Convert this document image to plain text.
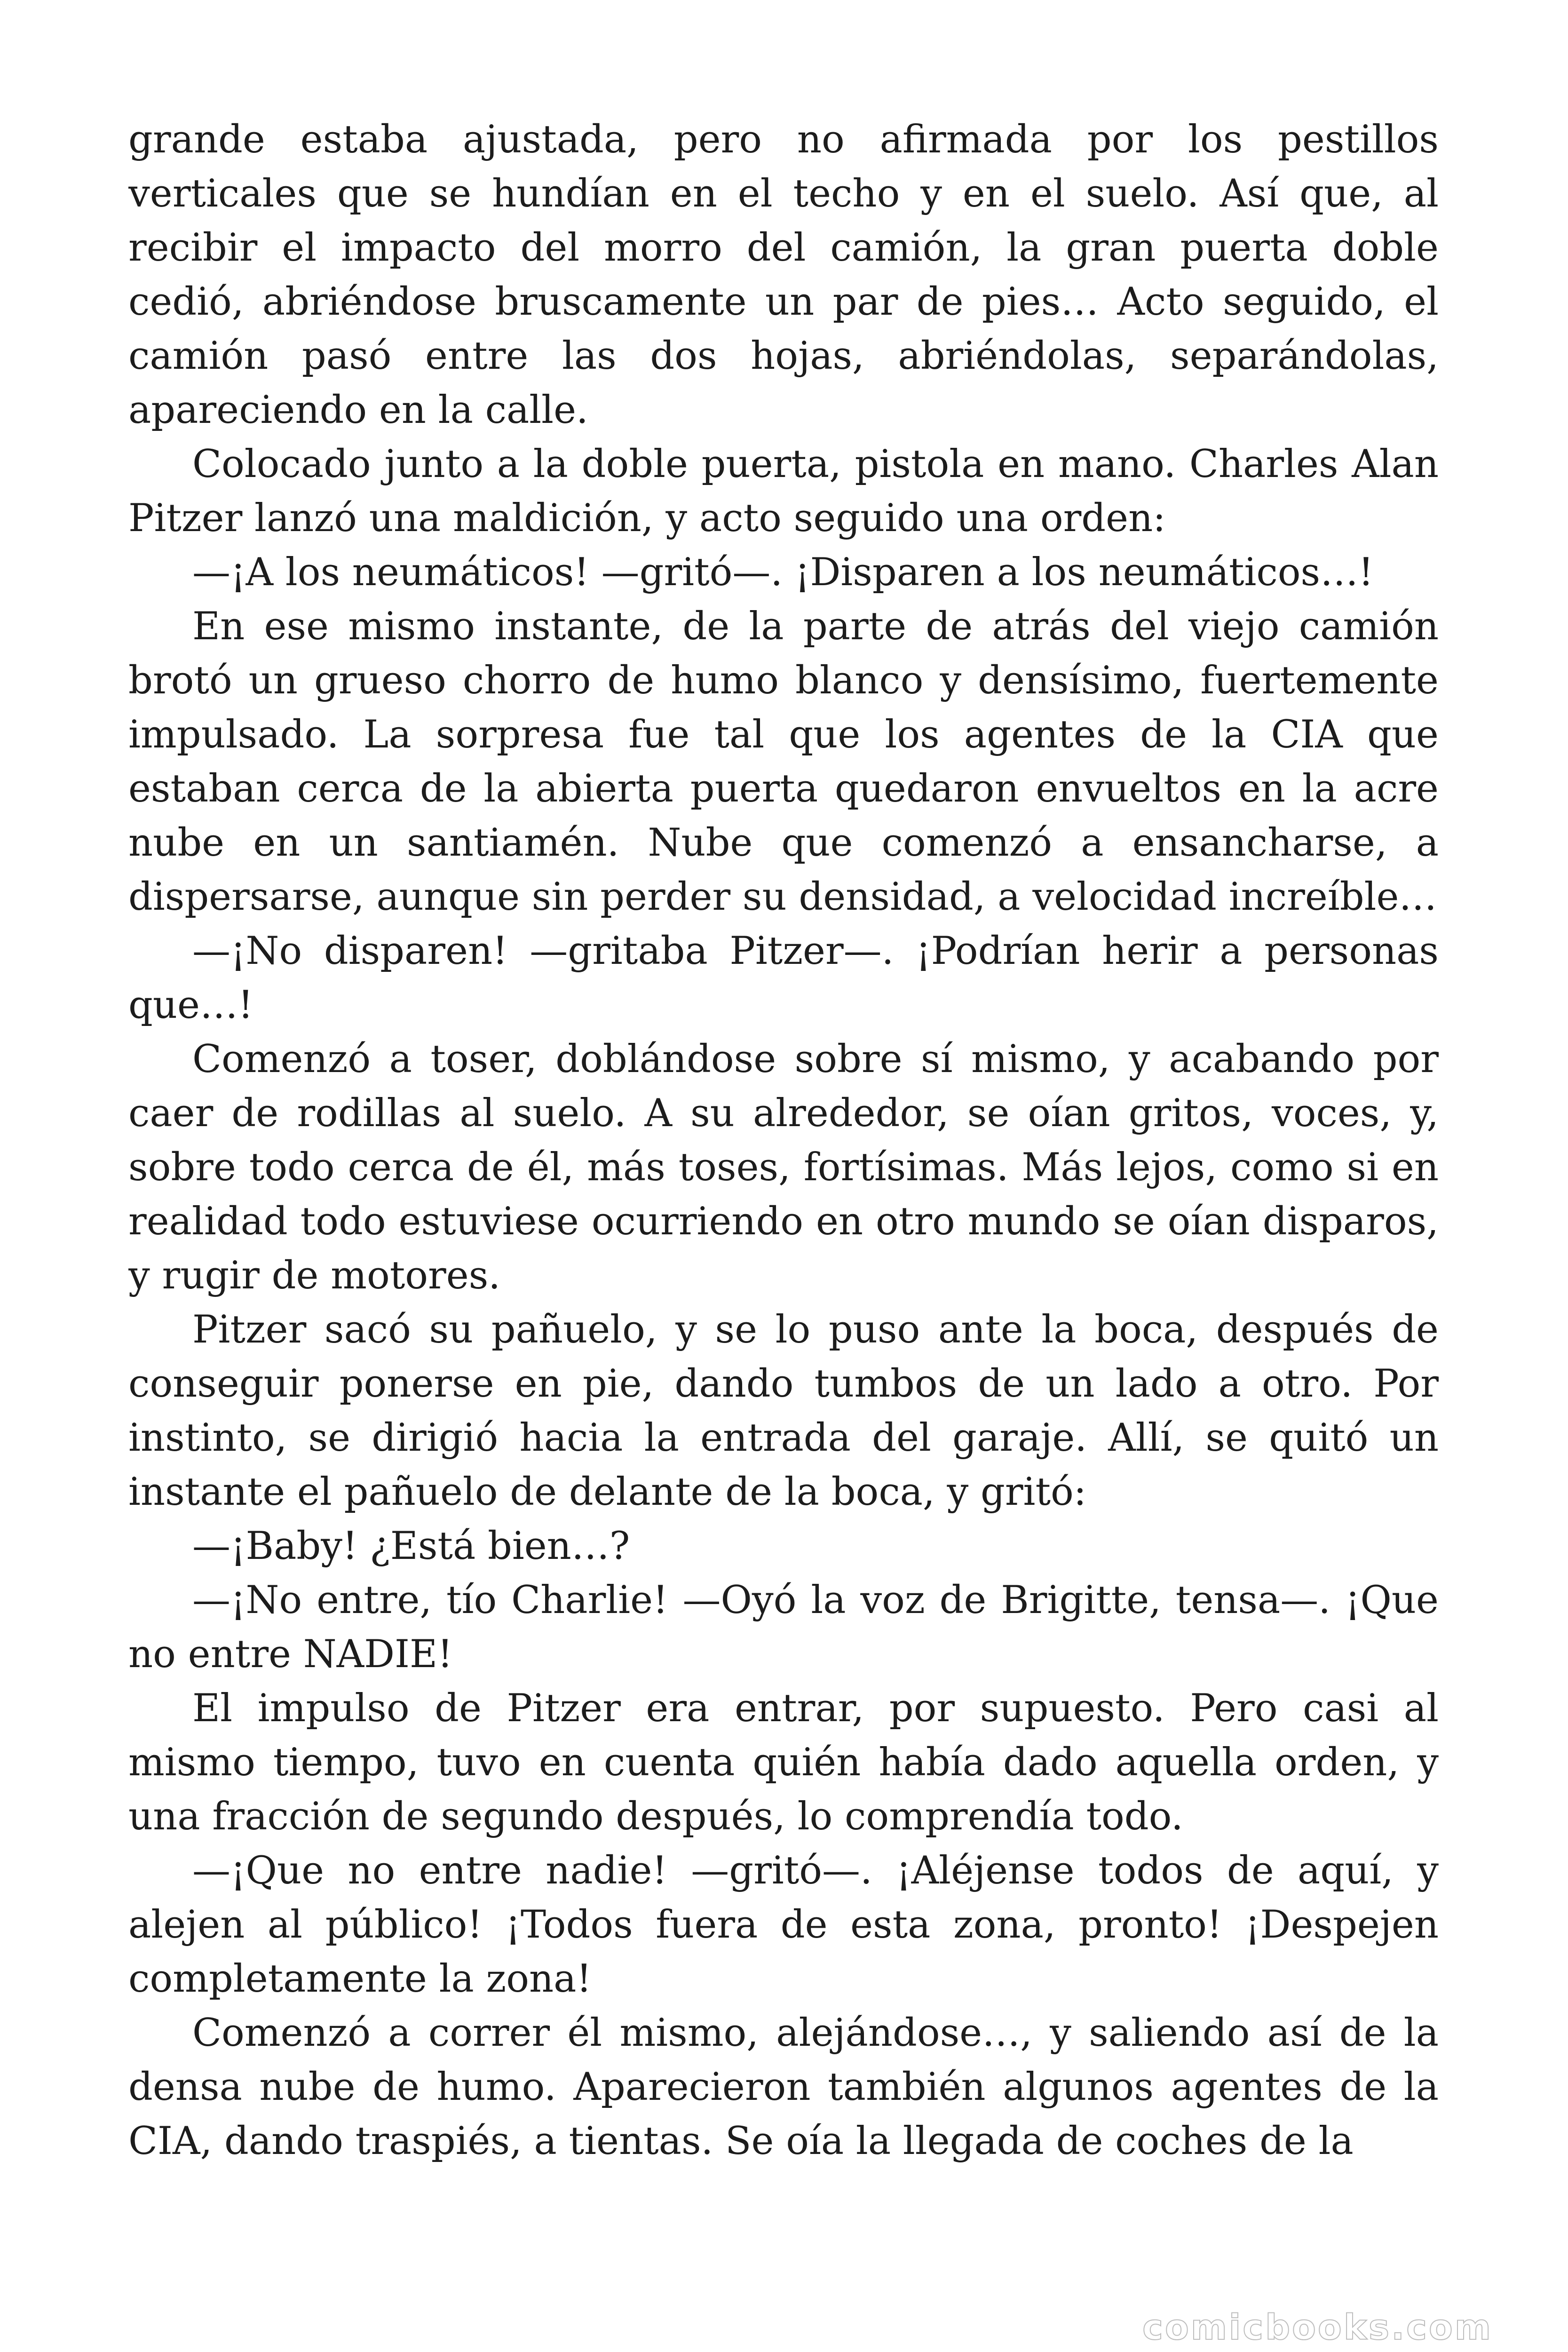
grande estaba ajustada, pero no afirmada por los pestillos verticales que se hundían en el techo y en el suelo. Así que, al recibir el impacto del morro del camión, la gran puerta doble cedió, abriéndose bruscamente un par de pies… Acto seguido, el camión pasó entre las dos hojas, abriéndolas, separándolas, apareciendo en la calle.

Colocado junto a la doble puerta, pistola en mano. Charles Alan Pitzer lanzó una maldición, y acto seguido una orden:

—¡A los neumáticos! —gritó—. ¡Disparen a los neumáticos…!

En ese mismo instante, de la parte de atrás del viejo camión brotó un grueso chorro de humo blanco y densísimo, fuertemente impulsado. La sorpresa fue tal que los agentes de la CIA que estaban cerca de la abierta puerta quedaron envueltos en la acre nube en un santiamén. Nube que comenzó a ensancharse, a dispersarse, aunque sin perder su densidad, a velocidad increíble…

—¡No disparen! —gritaba Pitzer—. ¡Podrían herir a personas que…!

Comenzó a toser, doblándose sobre sí mismo, y acabando por caer de rodillas al suelo. A su alrededor, se oían gritos, voces, y, sobre todo cerca de él, más toses, fortísimas. Más lejos, como si en realidad todo estuviese ocurriendo en otro mundo se oían disparos, y rugir de motores.

Pitzer sacó su pañuelo, y se lo puso ante la boca, después de conseguir ponerse en pie, dando tumbos de un lado a otro. Por instinto, se dirigió hacia la entrada del garaje. Allí, se quitó un instante el pañuelo de delante de la boca, y gritó:

—¡Baby! ¿Está bien…?

—¡No entre, tío Charlie! —Oyó la voz de Brigitte, tensa—. ¡Que no entre NADIE!

El impulso de Pitzer era entrar, por supuesto. Pero casi al mismo tiempo, tuvo en cuenta quién había dado aquella orden, y una fracción de segundo después, lo comprendía todo.

—¡Que no entre nadie! —gritó—. ¡Aléjense todos de aquí, y alejen al público! ¡Todos fuera de esta zona, pronto! ¡Despejen completamente la zona!

Comenzó a correr él mismo, alejándose…, y saliendo así de la densa nube de humo. Aparecieron también algunos agentes de la CIA, dando traspiés, a tientas. Se oía la llegada de coches de la

comicbooks.com
